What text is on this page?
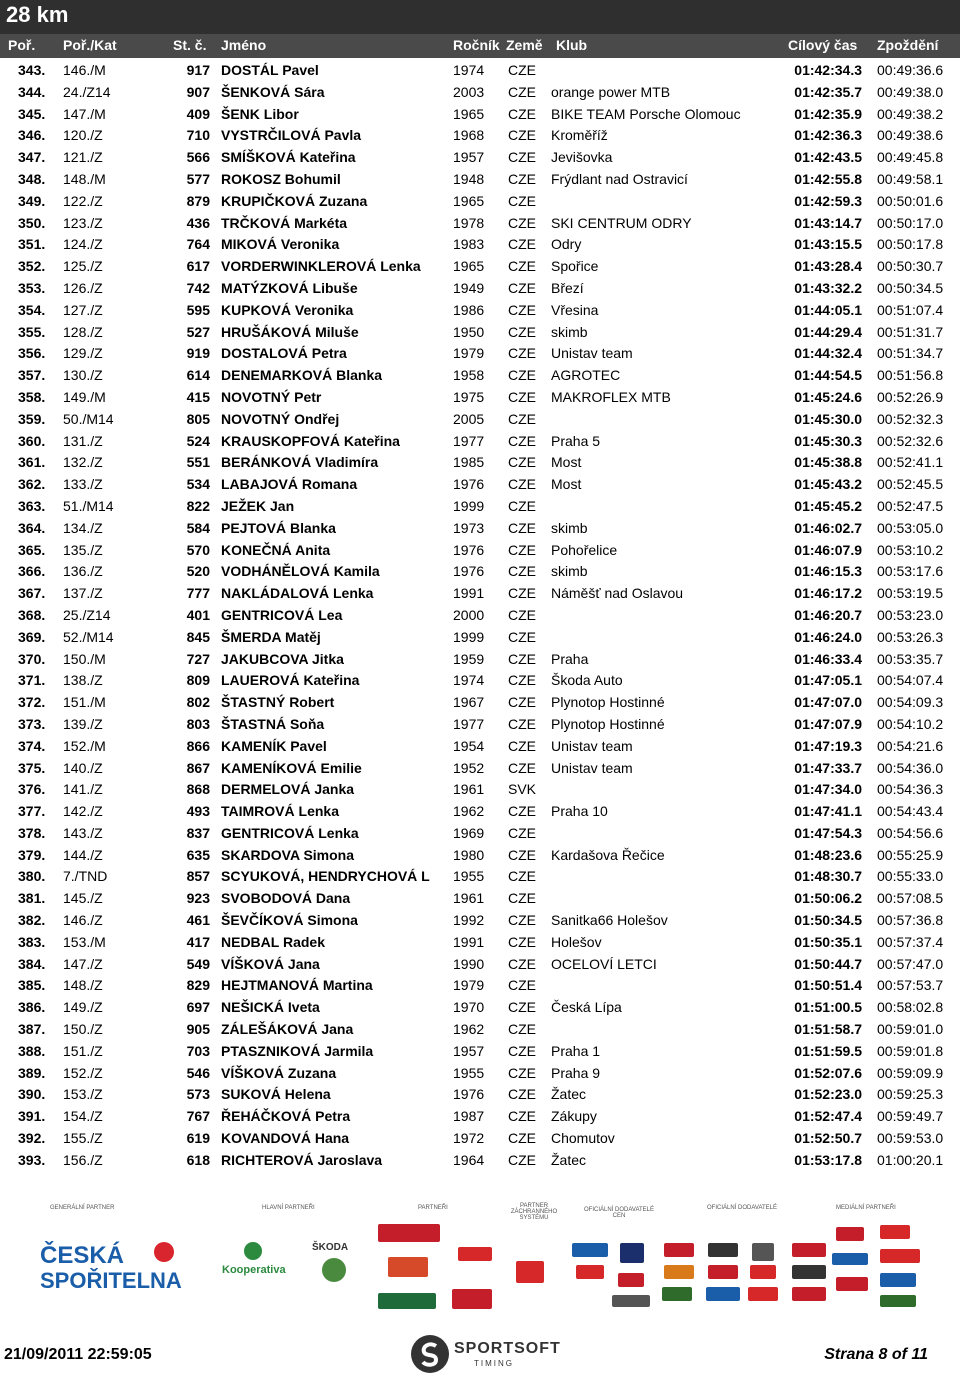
28 km
Poř. Poř./Kat	St. č. Jméno	Ročník Země Klub	Cílový čas Zpoždění
343.	146./M	917 DOSTÁL Pavel	1974	CZE	01:42:34.3 00:49:36.6
344.	24./Z14	907 ŠENKOVÁ Sára	2003	CZE	orange power MTB	01:42:35.7 00:49:38.0
345.	147./M	409 ŠENK Libor	1965	CZE	BIKE TEAM Porsche Olomouc	01:42:35.9 00:49:38.2
346.	120./Z	710 VYSTRČILOVÁ Pavla	1968	CZE	Kroměříž	01:42:36.3 00:49:38.6
347.	121./Z	566 SMÍŠKOVÁ Kateřina	1957	CZE	Jevišovka	01:42:43.5 00:49:45.8
348.	148./M	577 ROKOSZ Bohumil	1948	CZE	Frýdlant nad Ostravicí	01:42:55.8 00:49:58.1
349.	122./Z	879 KRUPIČKOVÁ Zuzana	1965	CZE	01:42:59.3 00:50:01.6
350.	123./Z	436 TRČKOVÁ Markéta	1978	CZE	SKI CENTRUM ODRY	01:43:14.7 00:50:17.0
351.	124./Z	764 MIKOVÁ Veronika	1983	CZE	Odry	01:43:15.5 00:50:17.8
352.	125./Z	617 VORDERWINKLEROVÁ Lenka	1965	CZE	Spořice	01:43:28.4 00:50:30.7
353.	126./Z	742 MATÝZKOVÁ Libuše	1949	CZE	Březí	01:43:32.2 00:50:34.5
354.	127./Z	595 KUPKOVÁ Veronika	1986	CZE	Vřesina	01:44:05.1 00:51:07.4
355.	128./Z	527 HRUŠÁKOVÁ Miluše	1950	CZE	skimb	01:44:29.4 00:51:31.7
356.	129./Z	919 DOSTALOVÁ Petra	1979	CZE	Unistav team	01:44:32.4 00:51:34.7
357.	130./Z	614 DENEMARKOVÁ Blanka	1958	CZE	AGROTEC	01:44:54.5 00:51:56.8
358.	149./M	415 NOVOTNÝ Petr	1975	CZE	MAKROFLEX MTB	01:45:24.6 00:52:26.9
359.	50./M14	805 NOVOTNÝ Ondřej	2005	CZE	01:45:30.0 00:52:32.3
360.	131./Z	524 KRAUSKOPFOVÁ Kateřina	1977	CZE	Praha 5	01:45:30.3 00:52:32.6
361.	132./Z	551 BERÁNKOVÁ Vladimíra	1985	CZE	Most	01:45:38.8 00:52:41.1
362.	133./Z	534 LABAJOVÁ Romana	1976	CZE	Most	01:45:43.2 00:52:45.5
363.	51./M14	822 JEŽEK Jan	1999	CZE	01:45:45.2 00:52:47.5
364.	134./Z	584 PEJTOVÁ Blanka	1973	CZE	skimb	01:46:02.7 00:53:05.0
365.	135./Z	570 KONEČNÁ Anita	1976	CZE	Pohořelice	01:46:07.9 00:53:10.2
366.	136./Z	520 VODHÁNĚLOVÁ Kamila	1976	CZE	skimb	01:46:15.3 00:53:17.6
367.	137./Z	777 NAKLÁDALOVÁ Lenka	1991	CZE	Náměšť nad Oslavou	01:46:17.2 00:53:19.5
368.	25./Z14	401 GENTRICOVÁ Lea	2000	CZE	01:46:20.7 00:53:23.0
369.	52./M14	845 ŠMERDA Matěj	1999	CZE	01:46:24.0 00:53:26.3
370.	150./M	727 JAKUBCOVA Jitka	1959	CZE	Praha	01:46:33.4 00:53:35.7
371.	138./Z	809 LAUEROVÁ Kateřina	1974	CZE	Škoda Auto	01:47:05.1 00:54:07.4
372.	151./M	802 ŠTASTNÝ Robert	1967	CZE	Plynotop Hostinné	01:47:07.0 00:54:09.3
373.	139./Z	803 ŠTASTNÁ Soňa	1977	CZE	Plynotop Hostinné	01:47:07.9 00:54:10.2
374.	152./M	866 KAMENÍK Pavel	1954	CZE	Unistav team	01:47:19.3 00:54:21.6
375.	140./Z	867 KAMENÍKOVÁ Emilie	1952	CZE	Unistav team	01:47:33.7 00:54:36.0
376.	141./Z	868 DERMELOVÁ Janka	1961	SVK	01:47:34.0 00:54:36.3
377.	142./Z	493 TAIMROVÁ Lenka	1962	CZE	Praha 10	01:47:41.1 00:54:43.4
378.	143./Z	837 GENTRICOVÁ Lenka	1969	CZE	01:47:54.3 00:54:56.6
379.	144./Z	635 SKARDOVA Simona	1980	CZE	Kardašova Řečice	01:48:23.6 00:55:25.9
380.	7./TND	857 SCYUKOVÁ, HENDRYCHOVÁ L	1955	CZE	01:48:30.7 00:55:33.0
381.	145./Z	923 SVOBODOVÁ Dana	1961	CZE	01:50:06.2 00:57:08.5
382.	146./Z	461 ŠEVČÍKOVÁ Simona	1992	CZE	Sanitka66 Holešov	01:50:34.5 00:57:36.8
383.	153./M	417 NEDBAL Radek	1991	CZE	Holešov	01:50:35.1 00:57:37.4
384.	147./Z	549 VÍŠKOVÁ Jana	1990	CZE	OCELOVÍ LETCI	01:50:44.7 00:57:47.0
385.	148./Z	829 HEJTMANOVÁ Martina	1979	CZE	01:50:51.4 00:57:53.7
386.	149./Z	697 NEŠICKÁ Iveta	1970	CZE	Česká Lípa	01:51:00.5 00:58:02.8
387.	150./Z	905 ZÁLEŠÁKOVÁ Jana	1962	CZE	01:51:58.7 00:59:01.0
388.	151./Z	703 PTASZNIKOVÁ Jarmila	1957	CZE	Praha 1	01:51:59.5 00:59:01.8
389.	152./Z	546 VÍŠKOVÁ Zuzana	1955	CZE	Praha 9	01:52:07.6 00:59:09.9
390.	153./Z	573 SUKOVÁ Helena	1976	CZE	Žatec	01:52:23.0 00:59:25.3
391.	154./Z	767 ŘEHÁČKOVÁ Petra	1987	CZE	Zákupy	01:52:47.4 00:59:49.7
392.	155./Z	619 KOVANDOVÁ Hana	1972	CZE	Chomutov	01:52:50.7 00:59:53.0
393.	156./Z	618 RICHTEROVÁ Jaroslava	1964	CZE	Žatec	01:53:17.8 01:00:20.1
GENERÁLNÍ PARTNER	HLAVNÍ PARTNEŘI	PARTNEŘI	PARTNER ZÁCHRANNÉHO SYSTÉMU
OFICIÁLNÍ DODAVATELÉ CEN
OFICIÁLNÍ DODAVATELÉ	MEDIÁLNÍ PARTNEŘI
ČESKÁ
SPOŘITELNA	Kooperativa
ŠKODA
21/09/2011 22:59:05	SPORTSOFT
TIMING
Strana 8 of 11
